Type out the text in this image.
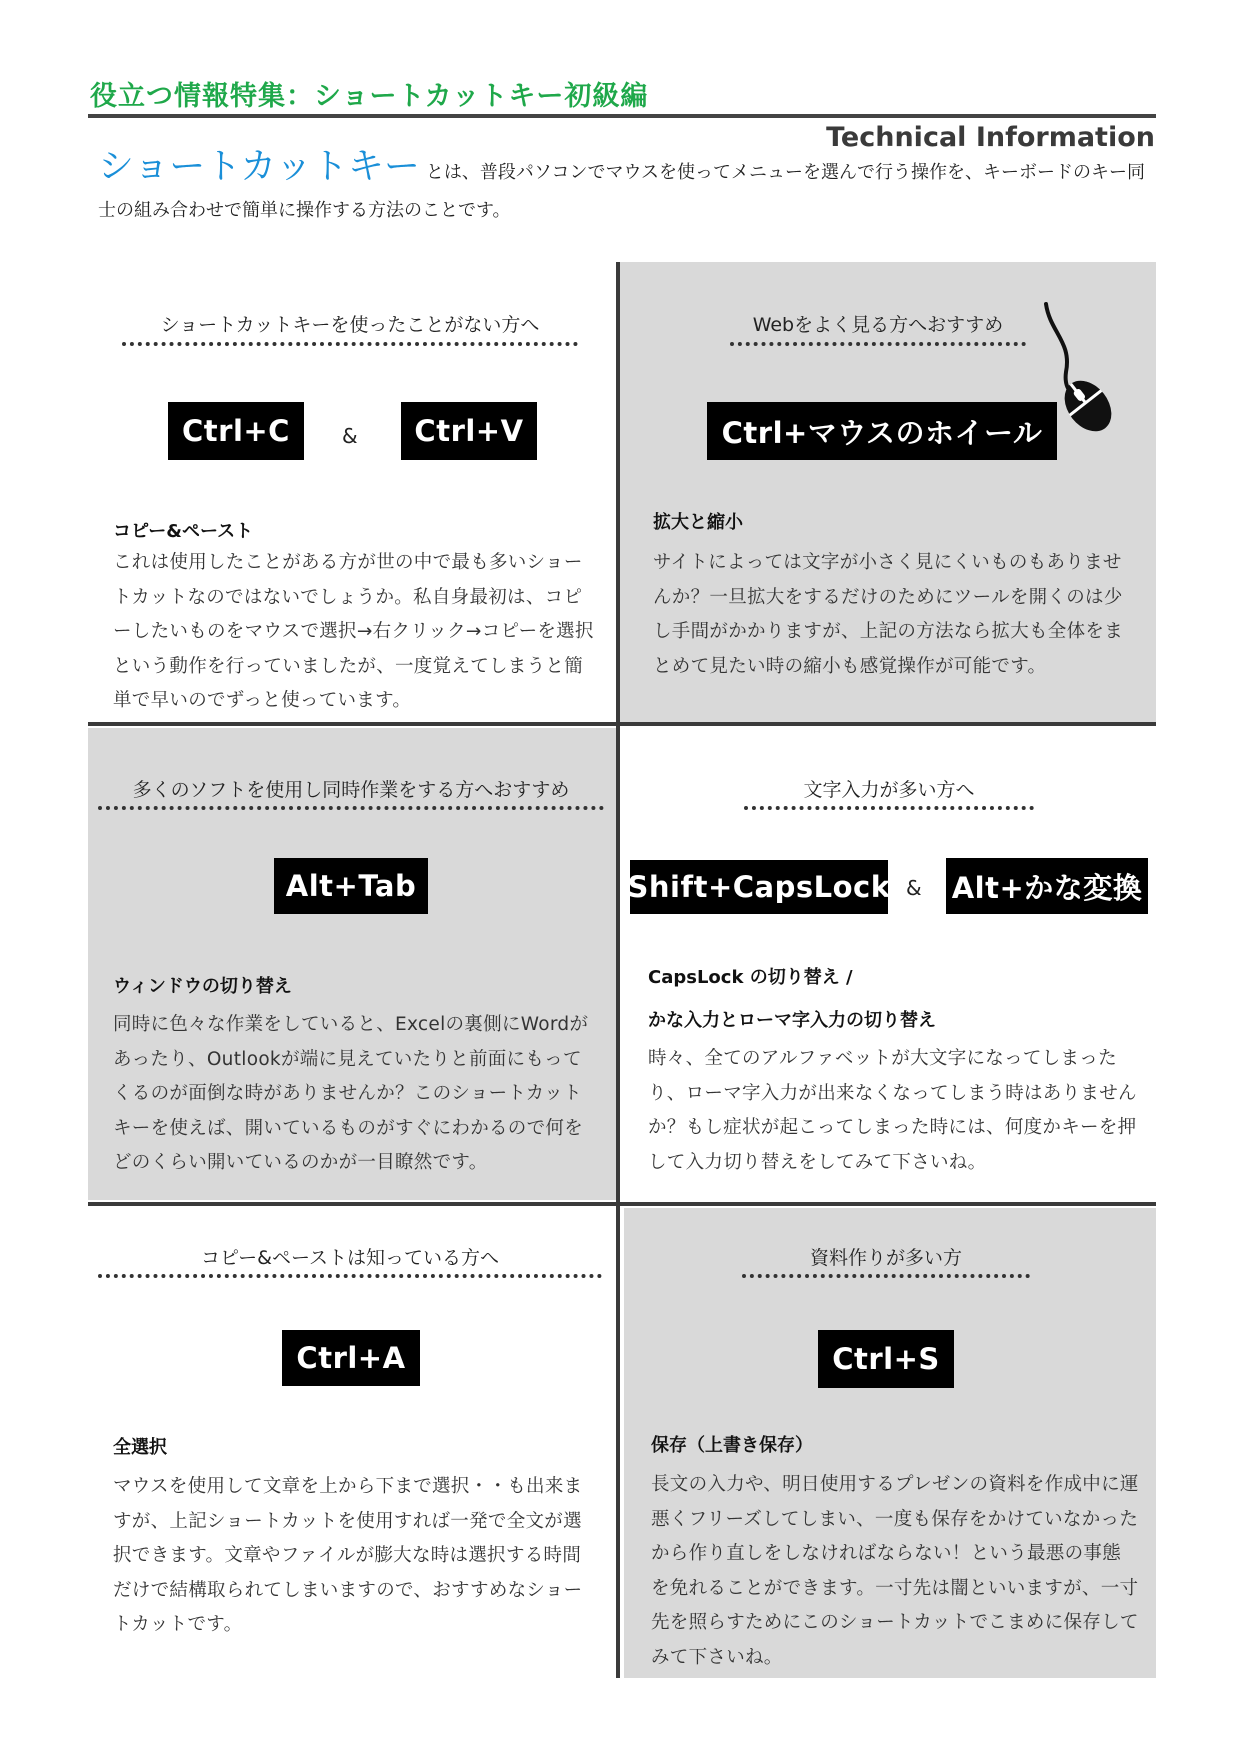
役立つ情報特集：ショートカットキー初級編
Technical Information
ショートカットキー とは、普段パソコンでマウスを使ってメニューを選んで行う操作を、キーボードのキー同士の組み合わせで簡単に操作する方法のことです。
ショートカットキーを使ったことがない方へ
Ctrl+C	&	Ctrl+V
コピー&ペースト
これは使用したことがある方が世の中で最も多いショートカットなのではないでしょうか。私自身最初は、コピーしたいものをマウスで選択→右クリック→コピーを選択という動作を行っていましたが、一度覚えてしまうと簡単で早いのでずっと使っています。
Webをよく見る方へおすすめ
Ctrl+マウスのホイール
拡大と縮小
サイトによっては文字が小さく見にくいものもありませんか？一旦拡大をするだけのためにツールを開くのは少し手間がかかりますが、上記の方法なら拡大も全体をまとめて見たい時の縮小も感覚操作が可能です。
多くのソフトを使用し同時作業をする方へおすすめ
Alt+Tab
ウィンドウの切り替え
同時に色々な作業をしていると、Excelの裏側にWordがあったり、Outlookが端に見えていたりと前面にもってくるのが面倒な時がありませんか？このショートカットキーを使えば、開いているものがすぐにわかるので何をどのくらい開いているのかが一目瞭然です。
文字入力が多い方へ
Shift+CapsLock & Alt+かな変換
CapsLock の切り替え /
かな入力とローマ字入力の切り替え
時々、全てのアルファベットが大文字になってしまったり、ローマ字入力が出来なくなってしまう時はありませんか？もし症状が起こってしまった時には、何度かキーを押して入力切り替えをしてみて下さいね。
コピー&ペーストは知っている方へ
Ctrl+A
全選択
マウスを使用して文章を上から下まで選択・・も出来ますが、上記ショートカットを使用すれば一発で全文が選択できます。文章やファイルが膨大な時は選択する時間だけで結構取られてしまいますので、おすすめなショートカットです。
資料作りが多い方
Ctrl+S
保存（上書き保存）
長文の入力や、明日使用するプレゼンの資料を作成中に運悪くフリーズしてしまい、一度も保存をかけていなかったから作り直しをしなければならない！という最悪の事態を免れることができます。一寸先は闇といいますが、一寸先を照らすためにこのショートカットでこまめに保存してみて下さいね。
